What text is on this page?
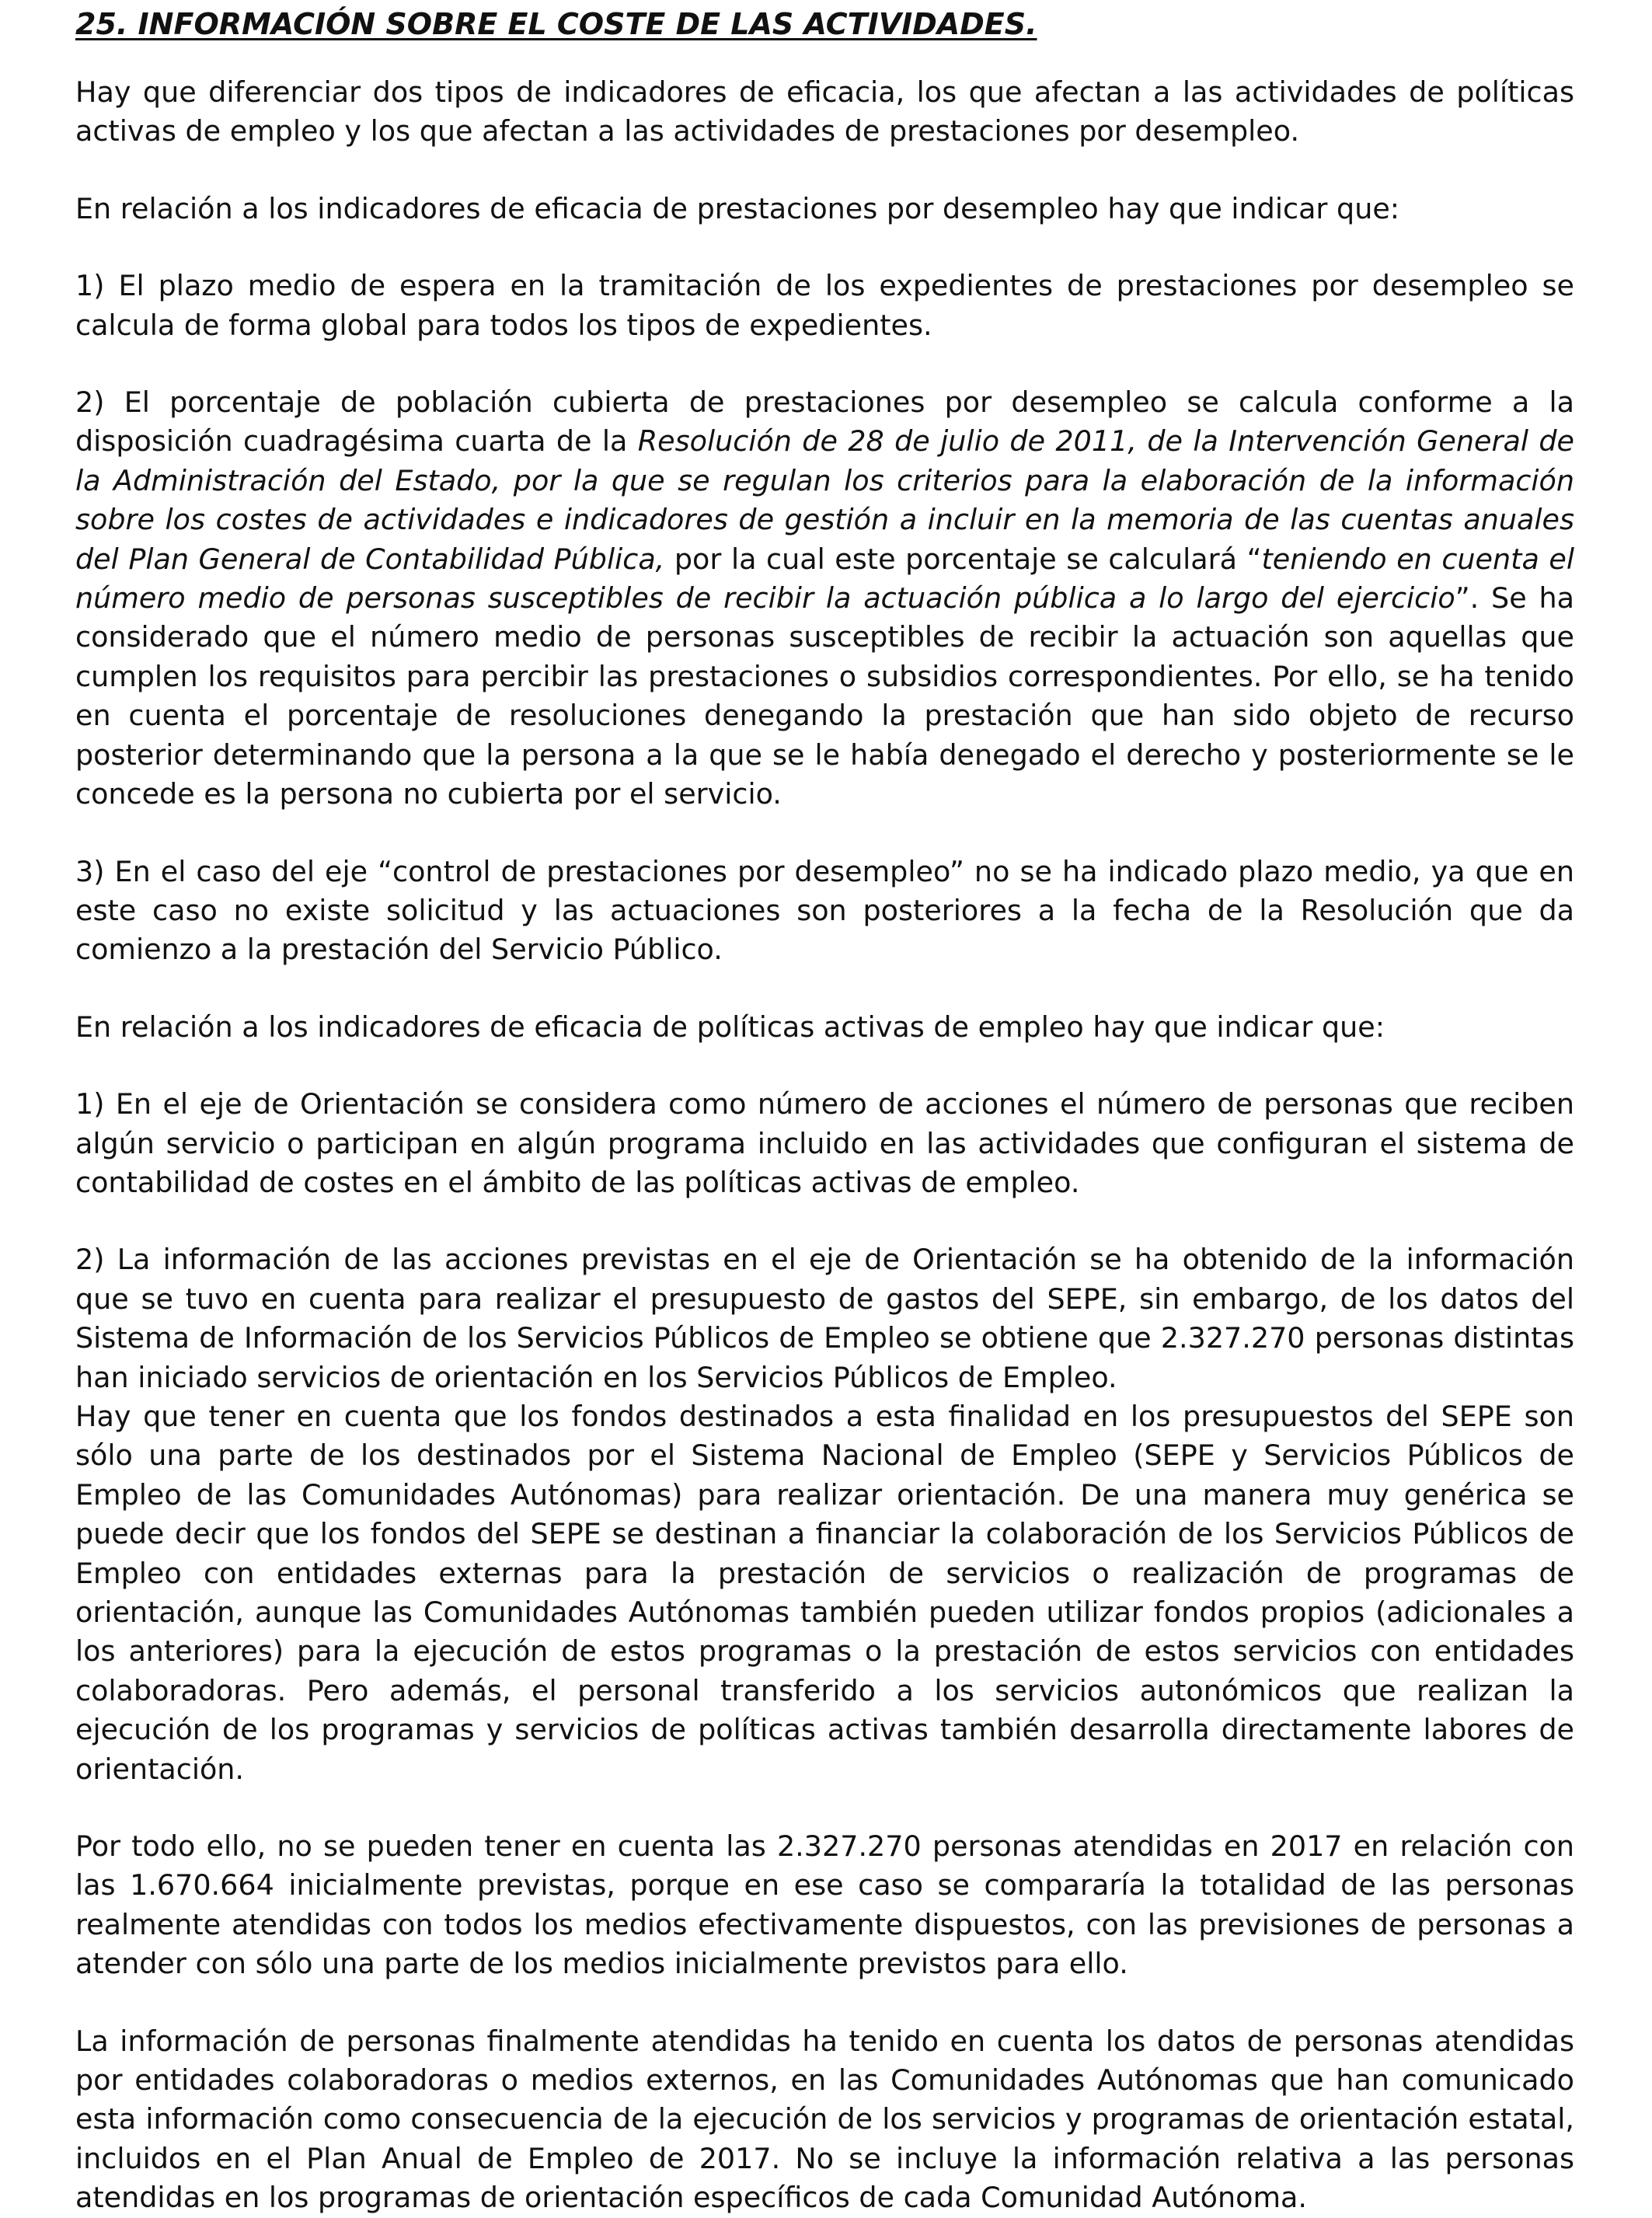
25. INFORMACIÓN SOBRE EL COSTE DE LAS ACTIVIDADES.

Hay que diferenciar dos tipos de indicadores de eficacia, los que afectan a las actividades de políticas activas de empleo y los que afectan a las actividades de prestaciones por desempleo.

En relación a los indicadores de eficacia de prestaciones por desempleo hay que indicar que:

1) El plazo medio de espera en la tramitación de los expedientes de prestaciones por desempleo se calcula de forma global para todos los tipos de expedientes.

2) El porcentaje de población cubierta de prestaciones por desempleo se calcula conforme a la disposición cuadragésima cuarta de la Resolución de 28 de julio de 2011, de la Intervención General de la Administración del Estado, por la que se regulan los criterios para la elaboración de la información sobre los costes de actividades e indicadores de gestión a incluir en la memoria de las cuentas anuales del Plan General de Contabilidad Pública, por la cual este porcentaje se calculará “teniendo en cuenta el número medio de personas susceptibles de recibir la actuación pública a lo largo del ejercicio”. Se ha considerado que el número medio de personas susceptibles de recibir la actuación son aquellas que cumplen los requisitos para percibir las prestaciones o subsidios correspondientes. Por ello, se ha tenido en cuenta el porcentaje de resoluciones denegando la prestación que han sido objeto de recurso posterior determinando que la persona a la que se le había denegado el derecho y posteriormente se le concede es la persona no cubierta por el servicio.

3) En el caso del eje “control de prestaciones por desempleo” no se ha indicado plazo medio, ya que en este caso no existe solicitud y las actuaciones son posteriores a la fecha de la Resolución que da comienzo a la prestación del Servicio Público.

En relación a los indicadores de eficacia de políticas activas de empleo hay que indicar que:

1) En el eje de Orientación se considera como número de acciones el número de personas que reciben algún servicio o participan en algún programa incluido en las actividades que configuran el sistema de contabilidad de costes en el ámbito de las políticas activas de empleo.

2) La información de las acciones previstas en el eje de Orientación se ha obtenido de la información que se tuvo en cuenta para realizar el presupuesto de gastos del SEPE, sin embargo, de los datos del Sistema de Información de los Servicios Públicos de Empleo se obtiene que 2.327.270 personas distintas han iniciado servicios de orientación en los Servicios Públicos de Empleo.

Hay que tener en cuenta que los fondos destinados a esta finalidad en los presupuestos del SEPE son sólo una parte de los destinados por el Sistema Nacional de Empleo (SEPE y Servicios Públicos de Empleo de las Comunidades Autónomas) para realizar orientación. De una manera muy genérica se puede decir que los fondos del SEPE se destinan a financiar la colaboración de los Servicios Públicos de Empleo con entidades externas para la prestación de servicios o realización de programas de orientación, aunque las Comunidades Autónomas también pueden utilizar fondos propios (adicionales a los anteriores) para la ejecución de estos programas o la prestación de estos servicios con entidades colaboradoras. Pero además, el personal transferido a los servicios autonómicos que realizan la ejecución de los programas y servicios de políticas activas también desarrolla directamente labores de orientación.

Por todo ello, no se pueden tener en cuenta las 2.327.270 personas atendidas en 2017 en relación con las 1.670.664 inicialmente previstas, porque en ese caso se compararía la totalidad de las personas realmente atendidas con todos los medios efectivamente dispuestos, con las previsiones de personas a atender con sólo una parte de los medios inicialmente previstos para ello.

La información de personas finalmente atendidas ha tenido en cuenta los datos de personas atendidas por entidades colaboradoras o medios externos, en las Comunidades Autónomas que han comunicado esta información como consecuencia de la ejecución de los servicios y programas de orientación estatal, incluidos en el Plan Anual de Empleo de 2017. No se incluye la información relativa a las personas atendidas en los programas de orientación específicos de cada Comunidad Autónoma.
